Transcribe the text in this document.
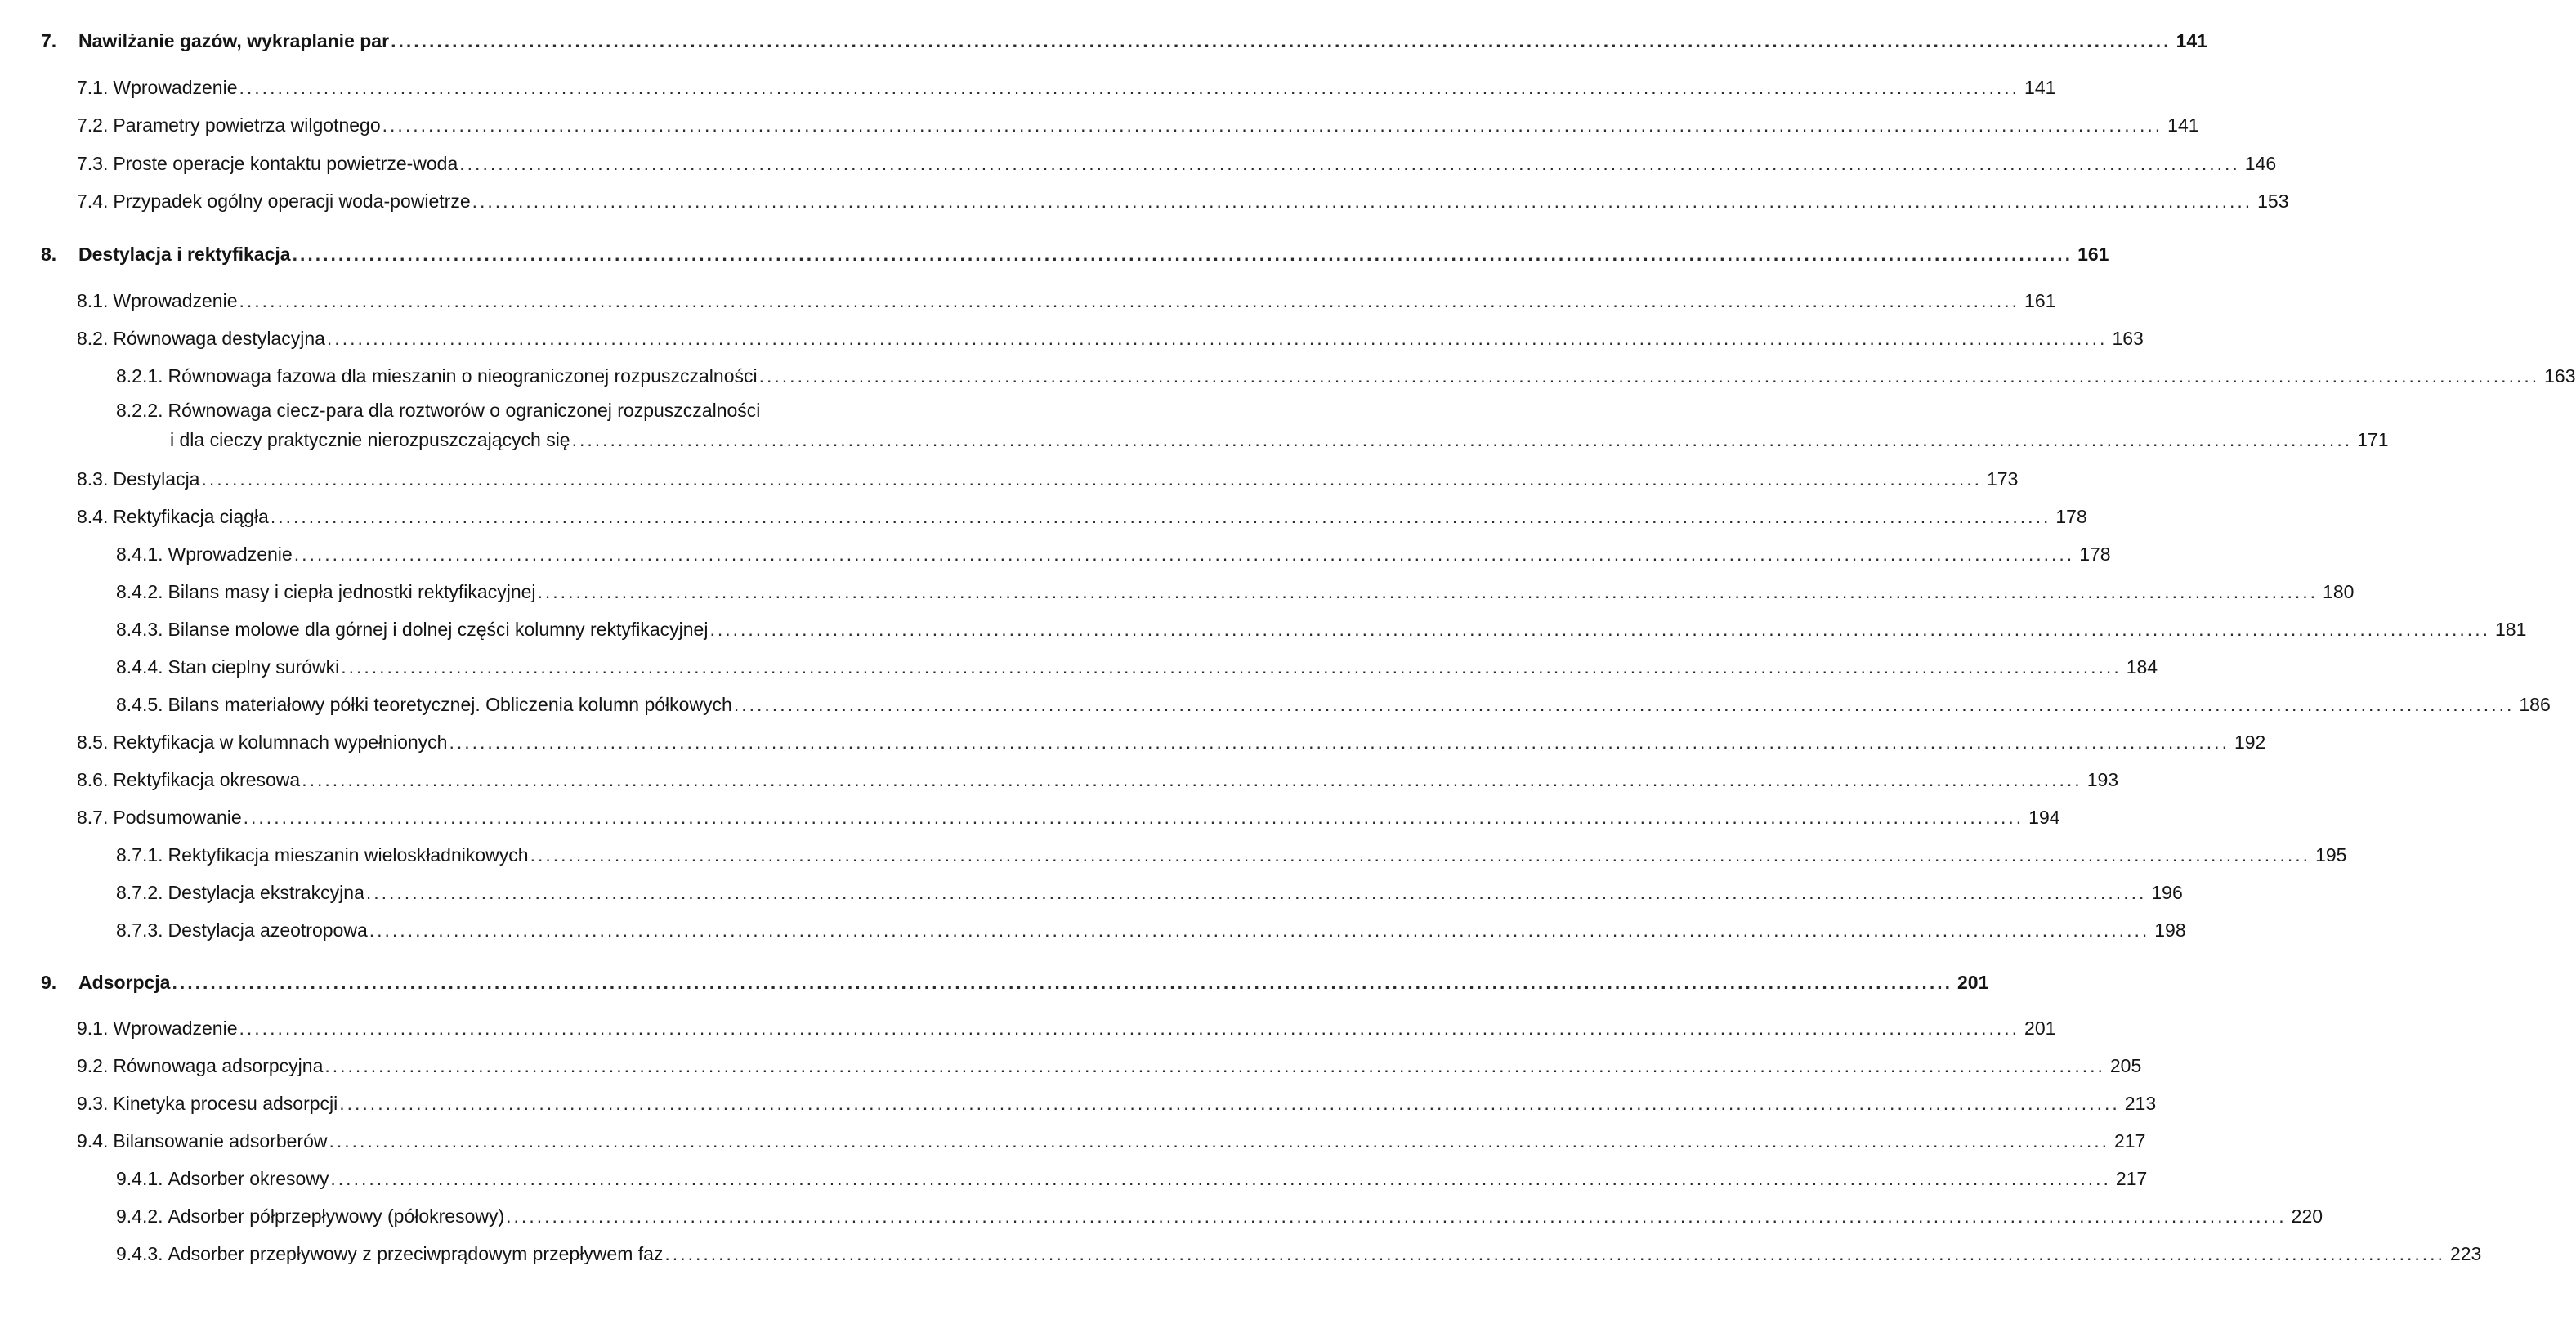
7.	Nawilżanie gazów, wykraplanie par .....	141
7.1. Wprowadzenie .....	141
7.2. Parametry powietrza wilgotnego .....	141
7.3. Proste operacje kontaktu powietrze-woda .....	146
7.4. Przypadek ogólny operacji woda-powietrze .....	153
8.	Destylacja i rektyfikacja .....	161
8.1. Wprowadzenie .....	161
8.2. Równowaga destylacyjna .....	163
8.2.1. Równowaga fazowa dla mieszanin o nieograniczonej rozpuszczalności .....	163
8.2.2. Równowaga ciecz-para dla roztworów o ograniczonej rozpuszczalności
i dla cieczy praktycznie nierozpuszczających się .....	171
8.3. Destylacja .....	173
8.4. Rektyfikacja ciągła .....	178
8.4.1. Wprowadzenie .....	178
8.4.2. Bilans masy i ciepła jednostki rektyfikacyjnej .....	180
8.4.3. Bilanse molowe dla górnej i dolnej części kolumny rektyfikacyjnej .....	181
8.4.4. Stan cieplny surówki .....	184
8.4.5. Bilans materiałowy półki teoretycznej. Obliczenia kolumn półkowych .....	186
8.5. Rektyfikacja w kolumnach wypełnionych .....	192
8.6. Rektyfikacja okresowa .....	193
8.7. Podsumowanie .....	194
8.7.1. Rektyfikacja mieszanin wieloskładnikowych .....	195
8.7.2. Destylacja ekstrakcyjna .....	196
8.7.3. Destylacja azeotropowa .....	198
9.	Adsorpcja .....	201
9.1. Wprowadzenie .....	201
9.2. Równowaga adsorpcyjna .....	205
9.3. Kinetyka procesu adsorpcji .....	213
9.4. Bilansowanie adsorberów .....	217
9.4.1. Adsorber okresowy .....	217
9.4.2. Adsorber półprzepływowy (półokresowy) .....	220
9.4.3. Adsorber przepływowy z przeciwprądowym przepływem faz .....	223
